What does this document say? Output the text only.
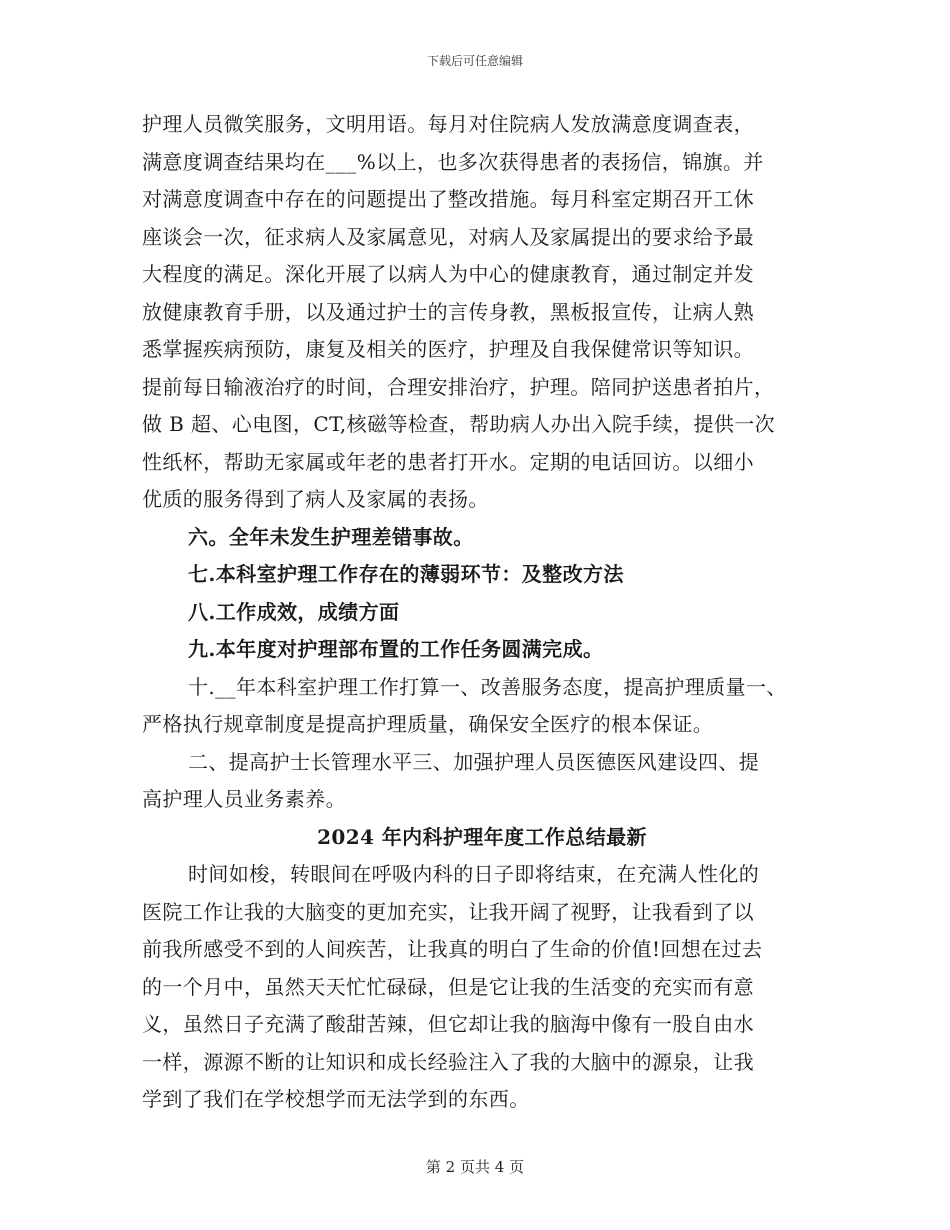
下载后可任意编辑
护理人员微笑服务，文明用语。每月对住院病人发放满意度调查表，
满意度调查结果均在___%以上，也多次获得患者的表扬信，锦旗。并
对满意度调查中存在的问题提出了整改措施。每月科室定期召开工休
座谈会一次，征求病人及家属意见，对病人及家属提出的要求给予最
大程度的满足。深化开展了以病人为中心的健康教育，通过制定并发
放健康教育手册，以及通过护士的言传身教，黑板报宣传，让病人熟
悉掌握疾病预防，康复及相关的医疗，护理及自我保健常识等知识。
提前每日输液治疗的时间，合理安排治疗，护理。陪同护送患者拍片，
做 B 超、心电图，CT,核磁等检查，帮助病人办出入院手续，提供一次
性纸杯，帮助无家属或年老的患者打开水。定期的电话回访。以细小
优质的服务得到了病人及家属的表扬。
六。全年未发生护理差错事故。
七.本科室护理工作存在的薄弱环节：及整改方法
八.工作成效，成绩方面
九.本年度对护理部布置的工作任务圆满完成。
十.__年本科室护理工作打算一、改善服务态度，提高护理质量一、
严格执行规章制度是提高护理质量，确保安全医疗的根本保证。
二、提高护士长管理水平三、加强护理人员医德医风建设四、提
高护理人员业务素养。
2024 年内科护理年度工作总结最新
时间如梭，转眼间在呼吸内科的日子即将结束，在充满人性化的
医院工作让我的大脑变的更加充实，让我开阔了视野，让我看到了以
前我所感受不到的人间疾苦，让我真的明白了生命的价值!回想在过去
的一个月中，虽然天天忙忙碌碌，但是它让我的生活变的充实而有意
义，虽然日子充满了酸甜苦辣，但它却让我的脑海中像有一股自由水
一样，源源不断的让知识和成长经验注入了我的大脑中的源泉，让我
学到了我们在学校想学而无法学到的东西。
第 2 页共 4 页
